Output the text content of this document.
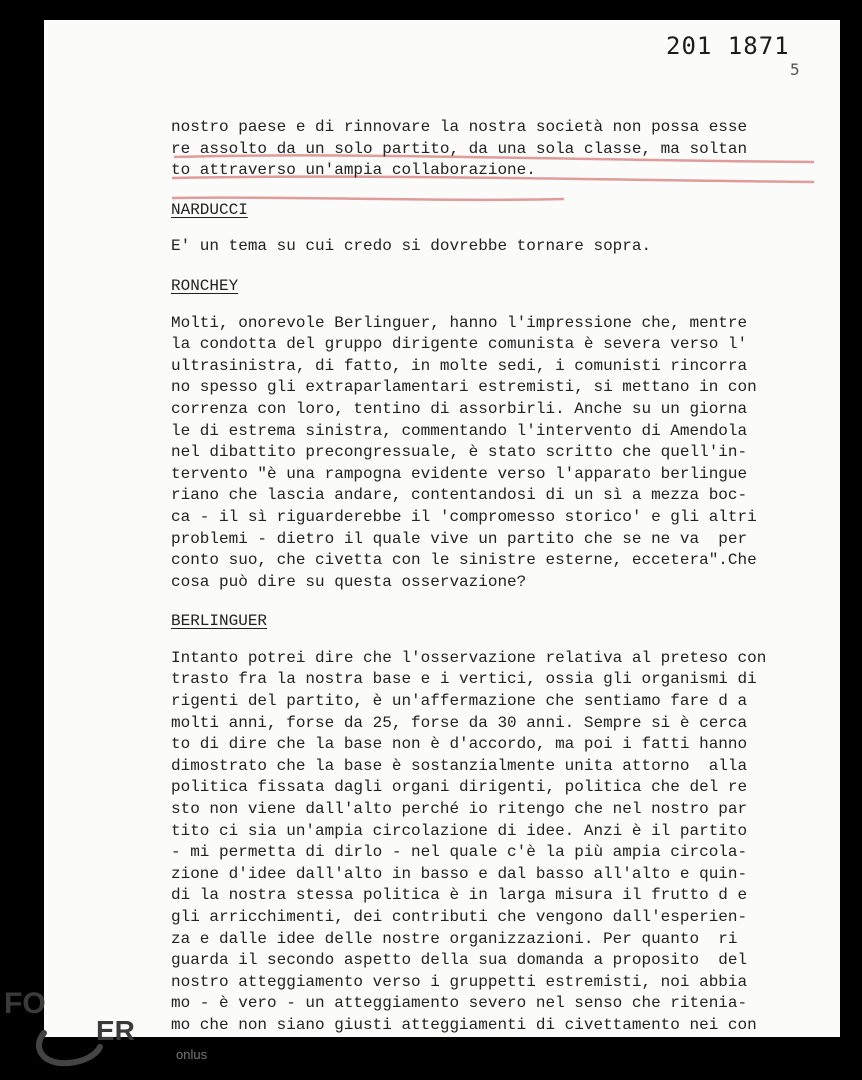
201 1871
5
nostro paese e di rinnovare la nostra società non possa esse
re assolto da un solo partito, da una sola classe, ma soltan
to attraverso un'ampia collaborazione.
NARDUCCI
E' un tema su cui credo si dovrebbe tornare sopra.
RONCHEY
Molti, onorevole Berlinguer, hanno l'impressione che, mentre
la condotta del gruppo dirigente comunista è severa verso l'
ultrasinistra, di fatto, in molte sedi, i comunisti rincorra
no spesso gli extraparlamentari estremisti, si mettano in con
correnza con loro, tentino di assorbirli. Anche su un giorna
le di estrema sinistra, commentando l'intervento di Amendola
nel dibattito precongressuale, è stato scritto che quell'in-
tervento "è una rampogna evidente verso l'apparato berlingue
riano che lascia andare, contentandosi di un sì a mezza boc-
ca - il sì riguarderebbe il 'compromesso storico' e gli altri
problemi - dietro il quale vive un partito che se ne va  per
conto suo, che civetta con le sinistre esterne, eccetera".Che
cosa può dire su questa osservazione?
BERLINGUER
Intanto potrei dire che l'osservazione relativa al preteso con
trasto fra la nostra base e i vertici, ossia gli organismi di
rigenti del partito, è un'affermazione che sentiamo fare d a
molti anni, forse da 25, forse da 30 anni. Sempre si è cerca
to di dire che la base non è d'accordo, ma poi i fatti hanno
dimostrato che la base è sostanzialmente unita attorno  alla
politica fissata dagli organi dirigenti, politica che del re
sto non viene dall'alto perché io ritengo che nel nostro par
tito ci sia un'ampia circolazione di idee. Anzi è il partito
- mi permetta di dirlo - nel quale c'è la più ampia circola-
zione d'idee dall'alto in basso e dal basso all'alto e quin-
di la nostra stessa politica è in larga misura il frutto d e
gli arricchimenti, dei contributi che vengono dall'esperien-
za e dalle idee delle nostre organizzazioni. Per quanto  ri
guarda il secondo aspetto della sua domanda a proposito  del
nostro atteggiamento verso i gruppetti estremisti, noi abbia
mo - è vero - un atteggiamento severo nel senso che ritenia-
mo che non siano giusti atteggiamenti di civettamento nei con
FO
ER
onlus
